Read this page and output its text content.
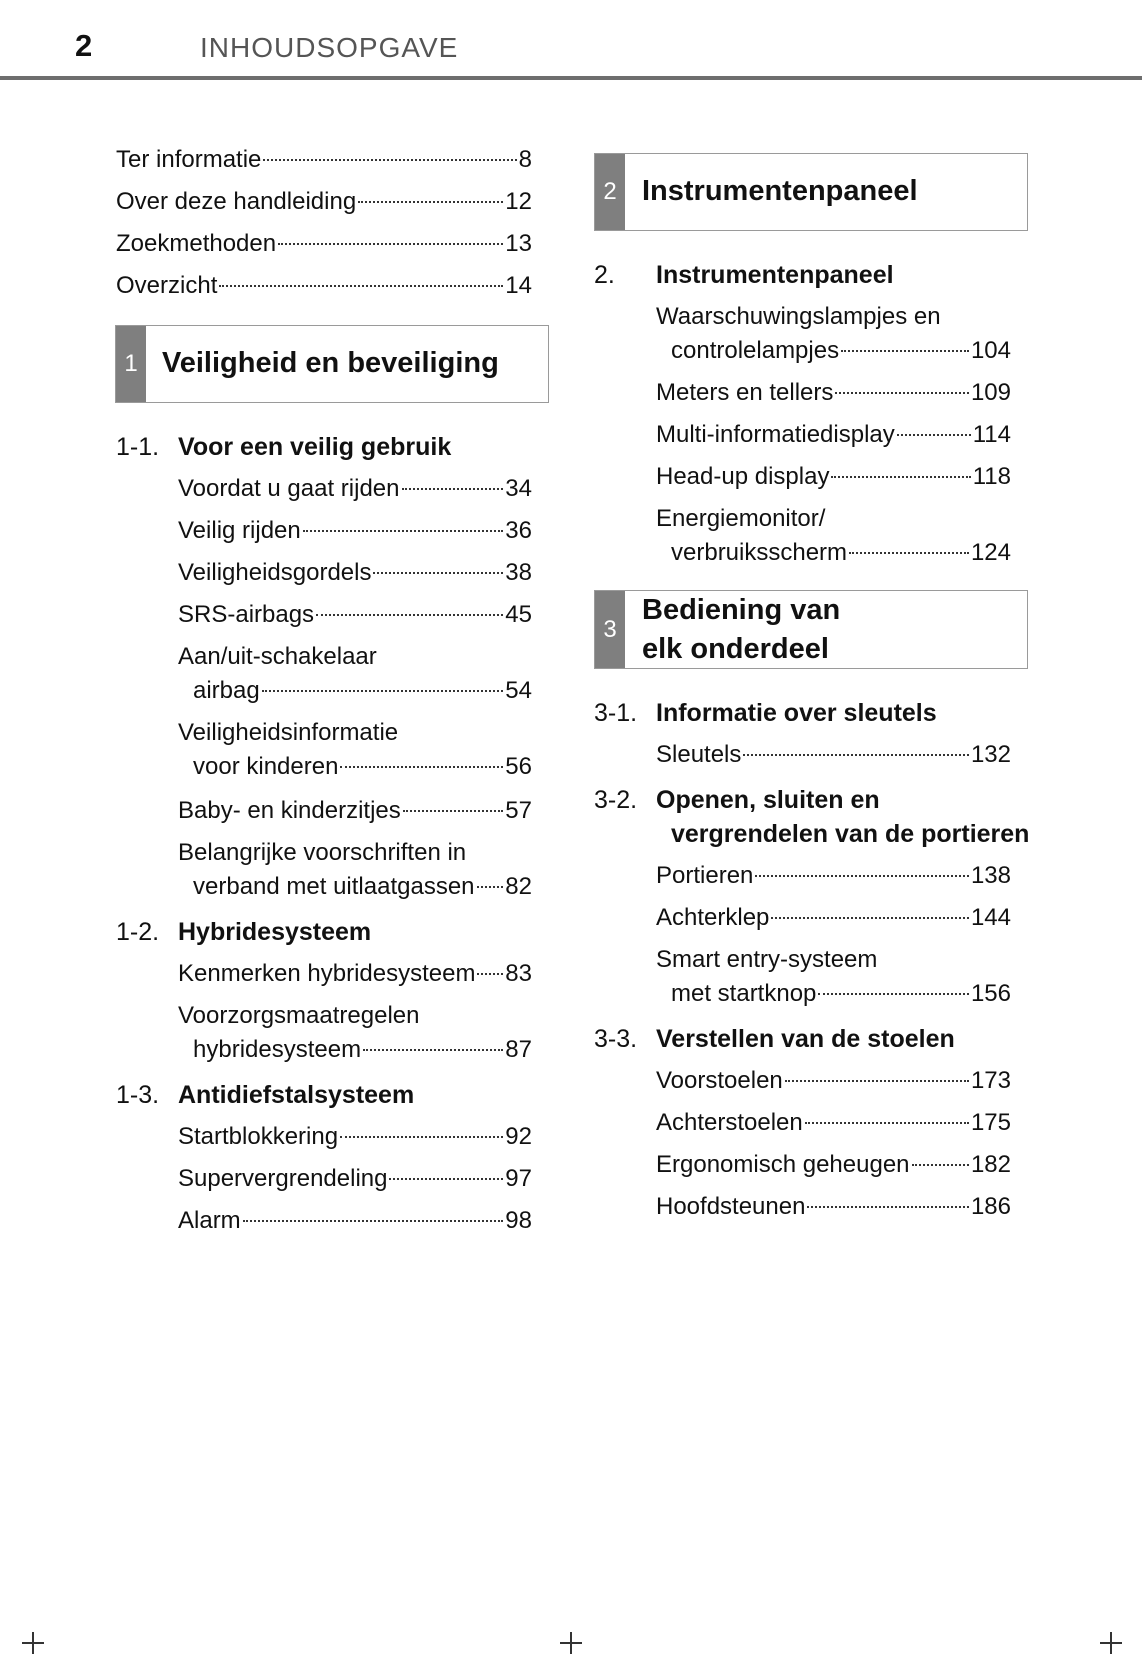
2	INHOUDSOPGAVE
Ter informatie	8
Over deze handleiding	12
Zoekmethoden	13
Overzicht	14
1 Veiligheid en beveiliging
1-1. Voor een veilig gebruik
Voordat u gaat rijden	34
Veilig rijden	36
Veiligheidsgordels	38
SRS-airbags	45
Aan/uit-schakelaar
airbag	54
Veiligheidsinformatie
voor kinderen	56
Baby- en kinderzitjes	57
Belangrijke voorschriften in
verband met uitlaatgassen 82
1-2. Hybridesysteem
Kenmerken hybridesysteem 83
Voorzorgsmaatregelen
hybridesysteem	87
1-3. Antidiefstalsysteem
Startblokkering	92
Supervergrendeling	97
Alarm	98
2 Instrumentenpaneel
2. Instrumentenpaneel
Waarschuwingslampjes en
controlelampjes	104
Meters en tellers	109
Multi-informatiedisplay	114
Head-up display	118
Energiemonitor/
verbruiksscherm	124
3
Bediening van
elk onderdeel
3-1. Informatie over sleutels
Sleutels	132
3-2. Openen, sluiten en
vergrendelen van de portieren
Portieren	138
Achterklep	144
Smart entry-systeem
met startknop	156
3-3. Verstellen van de stoelen
Voorstoelen	173
Achterstoelen	175
Ergonomisch geheugen	182
Hoofdsteunen	186
